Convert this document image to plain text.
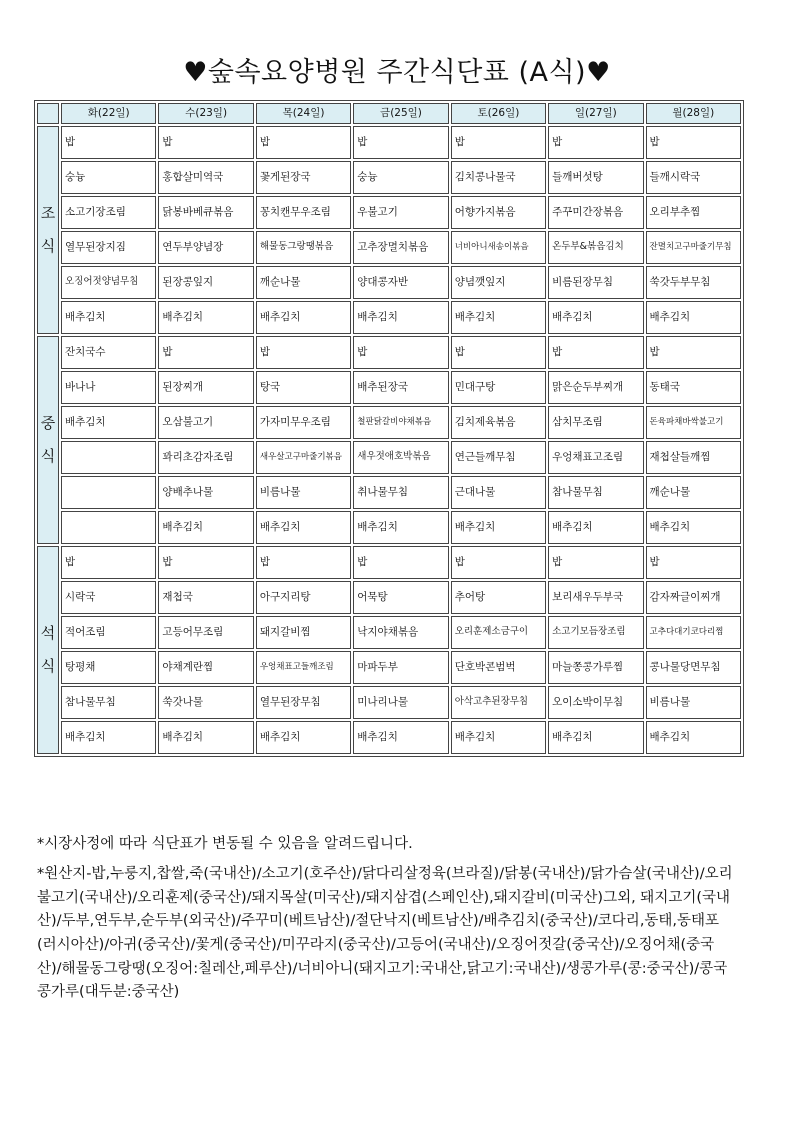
♥숲속요양병원 주간식단표 (A식)♥
	화(22일)	수(23일)	목(24일)	금(25일)	토(26일)	일(27일)	월(28일)

조
식	밥	밥	밥	밥	밥	밥	밥
	숭늉	홍합살미역국	꽃게된장국	숭늉	김치콩나물국	들깨버섯탕	들깨시락국
	소고기장조림	닭봉바베큐볶음	꽁치캔무우조림	우불고기	어향가지볶음	주꾸미간장볶음	오리부추찜
	열무된장지짐	연두부양념장	해물동그랑땡볶음	고추장멸치볶음	너비아니새송이볶음	온두부&볶음김치	잔멸치고구마줄기무침
	오징어젓양념무침	된장콩잎지	깨순나물	양대콩자반	양념깻잎지	비름된장무침	쑥갓두부무침
	배추김치	배추김치	배추김치	배추김치	배추김치	배추김치	배추김치

중
식	잔치국수	밥	밥	밥	밥	밥	밥
	바나나	된장찌개	탕국	배추된장국	민대구탕	맑은순두부찌개	동태국
	배추김치	오삼불고기	가자미무우조림	철판닭갈비야채볶음	김치제육볶음	삼치무조림	돈육파채바싹불고기
		꽈리초감자조림	새우살고구마줄기볶음	새우젓애호박볶음	연근들깨무침	우엉채표고조림	재첩살들깨찜
		양배추나물	비름나물	취나물무침	근대나물	참나물무침	깨순나물
		배추김치	배추김치	배추김치	배추김치	배추김치	배추김치

석
식	밥	밥	밥	밥	밥	밥	밥
	시락국	재첩국	아구지리탕	어묵탕	추어탕	보리새우두부국	감자짜글이찌개
	적어조림	고등어무조림	돼지갈비찜	낙지야채볶음	오리훈제소금구이	소고기모듬장조림	고추다대기코다리찜
	탕평채	야채계란찜	우엉채표고들깨조림	마파두부	단호박콘범벅	마늘쫑콩가루찜	콩나물당면무침
	참나물무침	쑥갓나물	열무된장무침	미나리나물	아삭고추된장무침	오이소박이무침	비름나물
	배추김치	배추김치	배추김치	배추김치	배추김치	배추김치	배추김치
*시장사정에 따라 식단표가 변동될 수 있음을 알려드립니다.
*원산지-밥,누룽지,찹쌀,죽(국내산)/소고기(호주산)/닭다리살정육(브라질)/닭봉(국내산)/닭가슴살(국내산)/오리불고기(국내산)/오리훈제(중국산)/돼지목살(미국산)/돼지삼겹(스페인산),돼지갈비(미국산)그외, 돼지고기(국내산)/두부,연두부,순두부(외국산)/주꾸미(베트남산)/절단낙지(베트남산)/배추김치(중국산)/코다리,동태,동태포(러시아산)/아귀(중국산)/꽃게(중국산)/미꾸라지(중국산)/고등어(국내산)/오징어젓갈(중국산)/오징어채(중국산)/해물동그랑땡(오징어:칠레산,페루산)/너비아니(돼지고기:국내산,닭고기:국내산)/생콩가루(콩:중국산)/콩국콩가루(대두분:중국산)
